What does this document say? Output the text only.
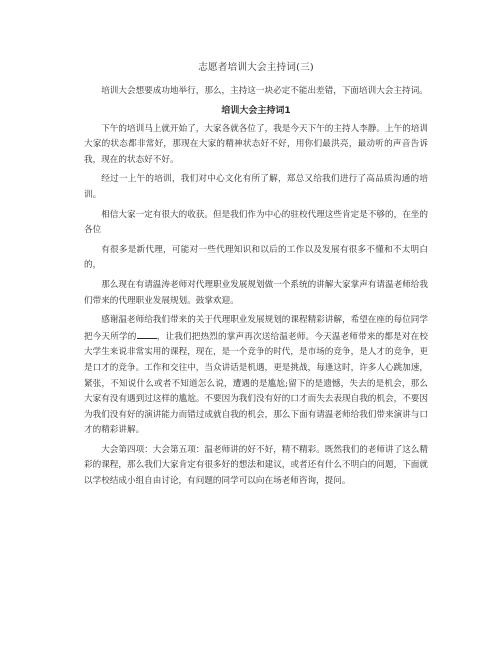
志愿者培训大会主持词(三)

培训大会想要成功地举行，那么，主持这一块必定不能出差错，下面培训大会主持词。

培训大会主持词1

下午的培训马上就开始了，大家各就各位了，我是今天下午的主持人李静。上午的培训大家的状态都非常好，那现在大家的精神状态好不好，用你们最洪亮，最动听的声音告诉我，现在的状态好不好。

经过一上午的培训，我们对中心文化有所了解，郑总又给我们进行了高品质沟通的培训。

相信大家一定有很大的收获。但是我们作为中心的驻校代理这些肯定是不够的，在坐的各位

有很多是新代理，可能对一些代理知识和以后的工作以及发展有很多不懂和不太明白的，

那么现在有请温涛老师对代理职业发展规划做一个系统的讲解大家掌声有请温老师给我们带来的代理职业发展规划。鼓掌欢迎。

感谢温老师给我们带来的关于代理职业发展规划的课程精彩讲解，希望在座的每位同学把今天所学的 ，让我们把热烈的掌声再次送给温老师。今天温老师带来的都是对在校大学生来说非常实用的课程，现在，是一个竞争的时代，是市场的竞争，是人才的竞争，更是口才的竞争。工作和交往中，当众讲话是机遇，更是挑战，每逢这时，许多人心跳加速，紧张，不知说什么或者不知道怎么说，遭遇的是尴尬;留下的是遗憾，失去的是机会，那么大家有没有遇到过这样的尴尬。不要因为我们没有好的口才而失去表现自我的机会，不要因为我们没有好的演讲能力而错过成就自我的机会，那么下面有请温老师给我们带来演讲与口才的精彩讲解。

大会第四项：大会第五项：温老师讲的好不好，精不精彩。既然我们的老师讲了这么精彩的课程，那么我们大家肯定有很多好的想法和建议，或者还有什么不明白的问题，下面就以学校结成小组自由讨论，有问题的同学可以向在场老师咨询，提问。
